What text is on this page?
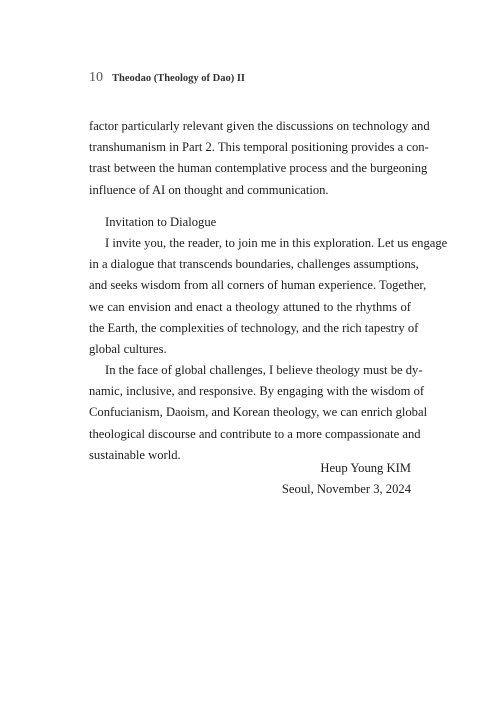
10 Theodao (Theology of Dao) II
factor particularly relevant given the discussions on technology and
transhumanism in Part 2. This temporal positioning provides a con-
trast between the human contemplative process and the burgeoning
influence of AI on thought and communication.
Invitation to Dialogue
I invite you, the reader, to join me in this exploration. Let us engage
in a dialogue that transcends boundaries, challenges assumptions,
and seeks wisdom from all corners of human experience. Together,
we can envision and enact a theology attuned to the rhythms of
the Earth, the complexities of technology, and the rich tapestry of
global cultures.
In the face of global challenges, I believe theology must be dy-
namic, inclusive, and responsive. By engaging with the wisdom of
Confucianism, Daoism, and Korean theology, we can enrich global
theological discourse and contribute to a more compassionate and
sustainable world.
Heup Young KIM
Seoul, November 3, 2024
